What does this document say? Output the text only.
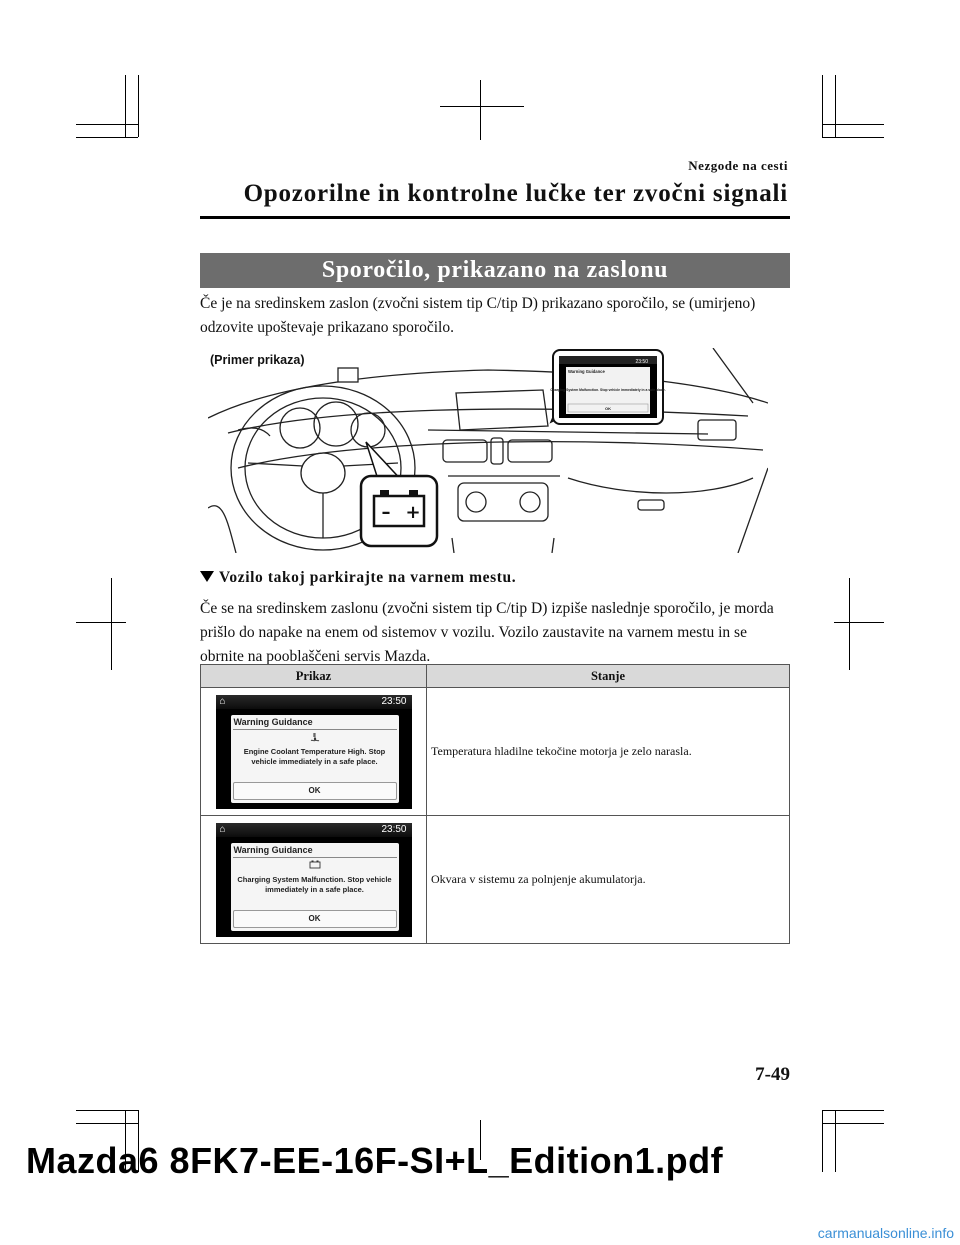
Nezgode na cesti
Opozorilne in kontrolne lučke ter zvočni signali
Sporočilo, prikazano na zaslonu
Če je na sredinskem zaslon (zvočni sistem tip C/tip D) prikazano sporočilo, se (umirjeno) odzovite upoštevaje prikazano sporočilo.
23:50
Warning Guidance
Charging System Malfunction. Stop vehicle immediately in a safe place.
OK
– +
(Primer prikaza)
Vozilo takoj parkirajte na varnem mestu.
Če se na sredinskem zaslonu (zvočni sistem tip C/tip D) izpiše naslednje sporočilo, je morda prišlo do napake na enem od sistemov v vozilu. Vozilo zaustavite na varnem mestu in se obrnite na pooblaščeni servis Mazda.
Prikaz	Stanje

⌂ 23:50
Warning Guidance
Engine Coolant Temperature High. Stop vehicle immediately in a safe place.
OK	Temperatura hladilne tekočine motorja je zelo narasla.

⌂ 23:50
Warning Guidance
Charging System Malfunction. Stop vehicle immediately in a safe place.
OK	Okvara v sistemu za polnjenje akumulatorja.
7-49
Mazda6 8FK7-EE-16F-SI+L_Edition1.pdf
carmanualsonline.info
